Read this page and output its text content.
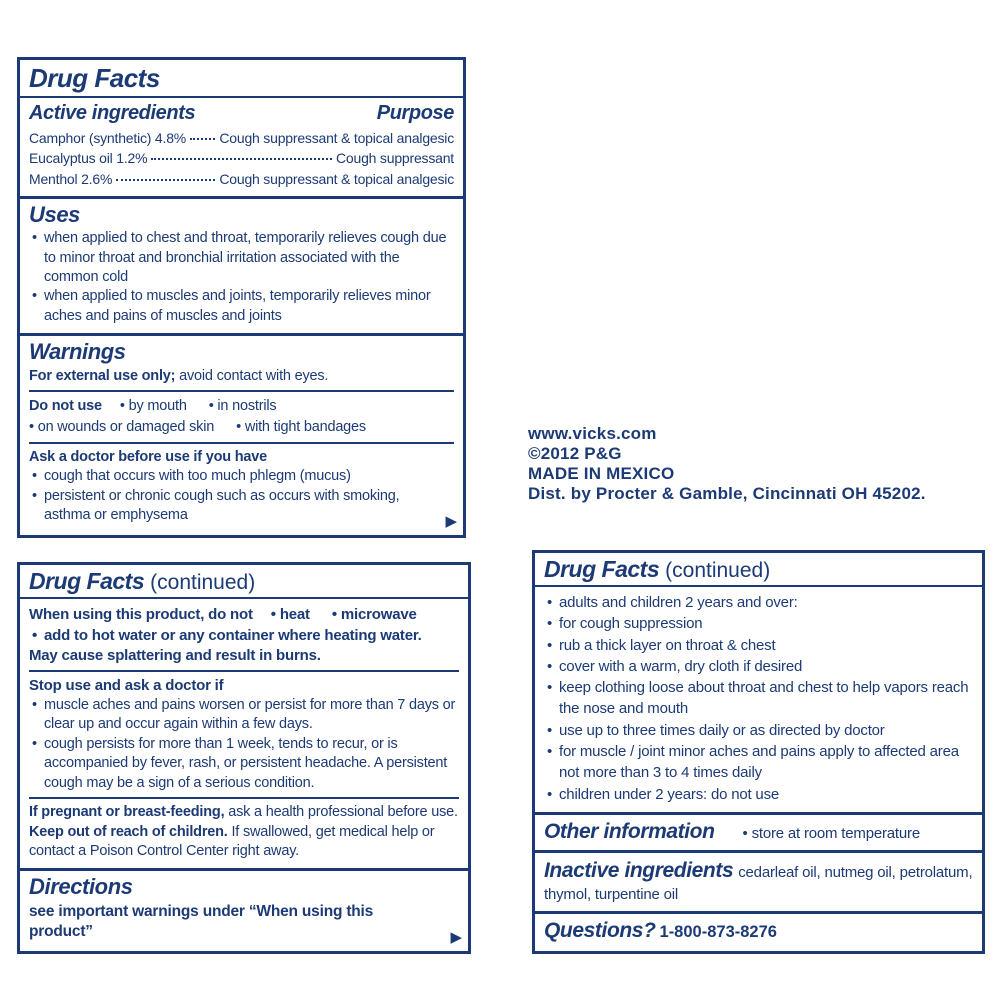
Drug Facts
Active ingredients	Purpose
Camphor (synthetic) 4.8% Cough suppressant & topical analgesic
Eucalyptus oil 1.2%	Cough suppressant
Menthol 2.6%	Cough suppressant & topical analgesic
Uses
• when applied to chest and throat, temporarily relieves cough due to minor throat and bronchial irritation associated with the common cold
• when applied to muscles and joints, temporarily relieves minor aches and pains of muscles and joints
Warnings
For external use only; avoid contact with eyes.
Do not use • by mouth • in nostrils
• on wounds or damaged skin • with tight bandages
Ask a doctor before use if you have
• cough that occurs with too much phlegm (mucus)
• persistent or chronic cough such as occurs with smoking, asthma or emphysema	▶
www.vicks.com
©2012 P&G
MADE IN MEXICO
Dist. by Procter & Gamble, Cincinnati OH 45202.
Drug Facts (continued)
When using this product, do not • heat • microwave
• add to hot water or any container where heating water.
May cause splattering and result in burns.
Stop use and ask a doctor if
• muscle aches and pains worsen or persist for more than 7 days or clear up and occur again within a few days.
• cough persists for more than 1 week, tends to recur, or is accompanied by fever, rash, or persistent headache. A persistent cough may be a sign of a serious condition.
If pregnant or breast-feeding, ask a health professional before use.
Keep out of reach of children. If swallowed, get medical help or contact a Poison Control Center right away.
Directions
see important warnings under “When using this product”	▶
Drug Facts (continued)
• adults and children 2 years and over:
• for cough suppression
• rub a thick layer on throat & chest
• cover with a warm, dry cloth if desired
• keep clothing loose about throat and chest to help vapors reach the nose and mouth
• use up to three times daily or as directed by doctor
• for muscle / joint minor aches and pains apply to affected area not more than 3 to 4 times daily
• children under 2 years: do not use
Other information	• store at room temperature
Inactive ingredients cedarleaf oil, nutmeg oil, petrolatum, thymol, turpentine oil
Questions? 1-800-873-8276
